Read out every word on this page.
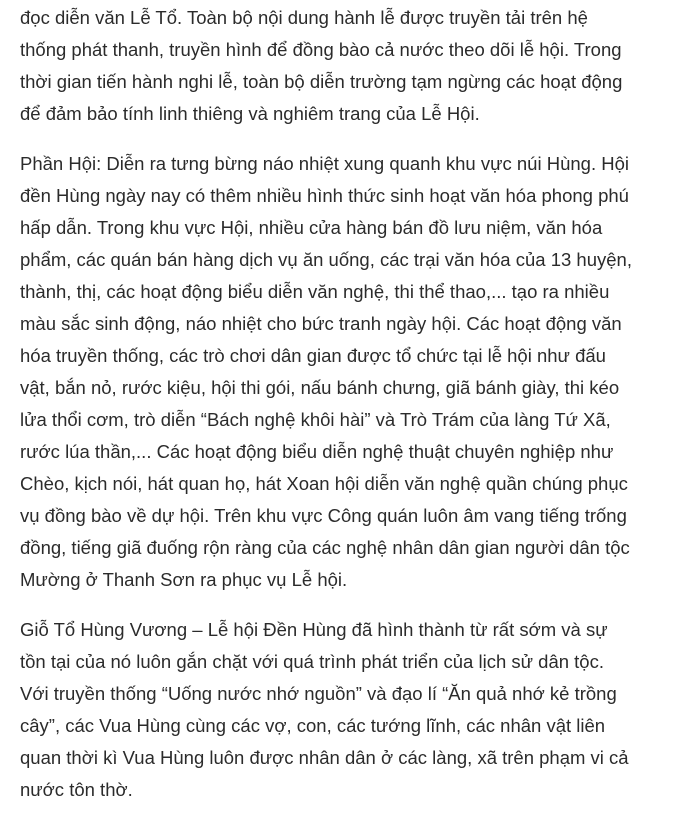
đọc diễn văn Lễ Tổ. Toàn bộ nội dung hành lễ được truyền tải trên hệ
thống phát thanh, truyền hình để đồng bào cả nước theo dõi lễ hội. Trong
thời gian tiến hành nghi lễ, toàn bộ diễn trường tạm ngừng các hoạt động
để đảm bảo tính linh thiêng và nghiêm trang của Lễ Hội.

Phần Hội: Diễn ra tưng bừng náo nhiệt xung quanh khu vực núi Hùng. Hội
đền Hùng ngày nay có thêm nhiều hình thức sinh hoạt văn hóa phong phú
hấp dẫn. Trong khu vực Hội, nhiều cửa hàng bán đồ lưu niệm, văn hóa
phẩm, các quán bán hàng dịch vụ ăn uống, các trại văn hóa của 13 huyện,
thành, thị, các hoạt động biểu diễn văn nghệ, thi thể thao,... tạo ra nhiều
màu sắc sinh động, náo nhiệt cho bức tranh ngày hội. Các hoạt động văn
hóa truyền thống, các trò chơi dân gian được tổ chức tại lễ hội như đấu
vật, bắn nỏ, rước kiệu, hội thi gói, nấu bánh chưng, giã bánh giày, thi kéo
lửa thổi cơm, trò diễn “Bách nghệ khôi hài” và Trò Trám của làng Tứ Xã,
rước lúa thần,... Các hoạt động biểu diễn nghệ thuật chuyên nghiệp như
Chèo, kịch nói, hát quan họ, hát Xoan hội diễn văn nghệ quần chúng phục
vụ đồng bào về dự hội. Trên khu vực Công quán luôn âm vang tiếng trống
đồng, tiếng giã đuống rộn ràng của các nghệ nhân dân gian người dân tộc
Mường ở Thanh Sơn ra phục vụ Lễ hội.

Giỗ Tổ Hùng Vương – Lễ hội Đền Hùng đã hình thành từ rất sớm và sự
tồn tại của nó luôn gắn chặt với quá trình phát triển của lịch sử dân tộc.
Với truyền thống “Uống nước nhớ nguồn” và đạo lí “Ăn quả nhớ kẻ trồng
cây”, các Vua Hùng cùng các vợ, con, các tướng lĩnh, các nhân vật liên
quan thời kì Vua Hùng luôn được nhân dân ở các làng, xã trên phạm vi cả
nước tôn thờ.
